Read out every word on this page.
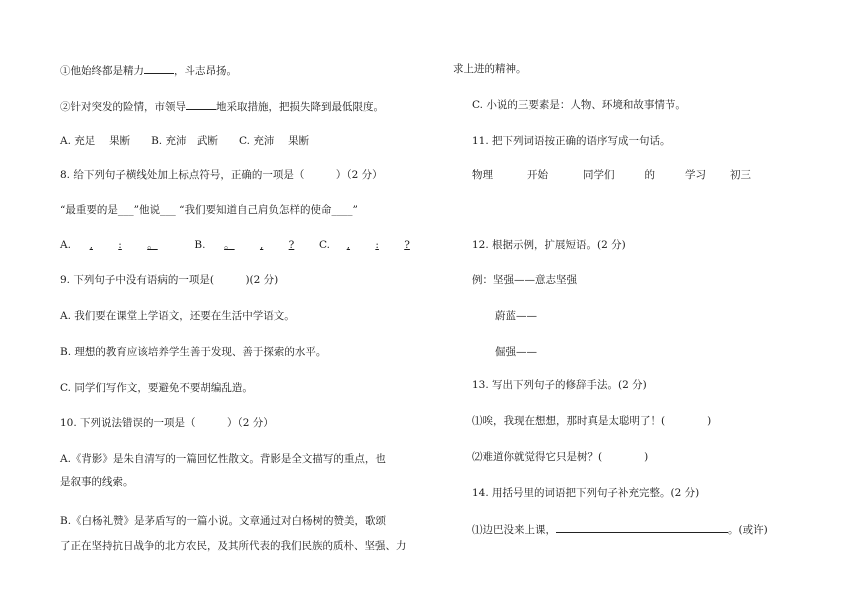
①他始终都是精力	，斗志昂扬。
②针对突发的险情，市领导	地采取措施，把损失降到最低限度。
A. 充足　 果断　　B. 充沛　武断　　C. 充沛　 果断
8. 给下列句子横线处加上标点符号，正确的一项是（　　　）（2 分）
“最重要的是___”他说___ “我们要知道自己肩负怎样的使命____”
A. , : 。	B. 。 , ? C. , : ?
9. 下列句子中没有语病的一项是(　　　)(2 分)
A. 我们要在课堂上学语文，还要在生活中学语文。
B. 理想的教育应该培养学生善于发现、善于探索的水平。
C. 同学们写作文，要避免不要胡编乱造。
10. 下列说法错误的一项是（　　　）（2 分）
A.《背影》是朱自清写的一篇回忆性散文。背影是全文描写的重点，也
是叙事的线索。
B.《白杨礼赞》是茅盾写的一篇小说。文章通过对白杨树的赞美，歌颂
了正在坚持抗日战争的北方农民，及其所代表的我们民族的质朴、坚强、力
求上进的精神。
C. 小说的三要素是：人物、环境和故事情节。
11. 把下列词语按正确的语序写成一句话。
物理	开始	同学们	的	学习 初三
12. 根据示例，扩展短语。(2 分)
例：坚强——意志坚强
蔚蓝——
倔强——
13. 写出下列句子的修辞手法。(2 分)
⑴唉，我现在想想，那时真是太聪明了！(　　　　)
⑵难道你就觉得它只是树？(　　　　)
14. 用括号里的词语把下列句子补充完整。(2 分)
⑴边巴没来上课，	。(或许)
